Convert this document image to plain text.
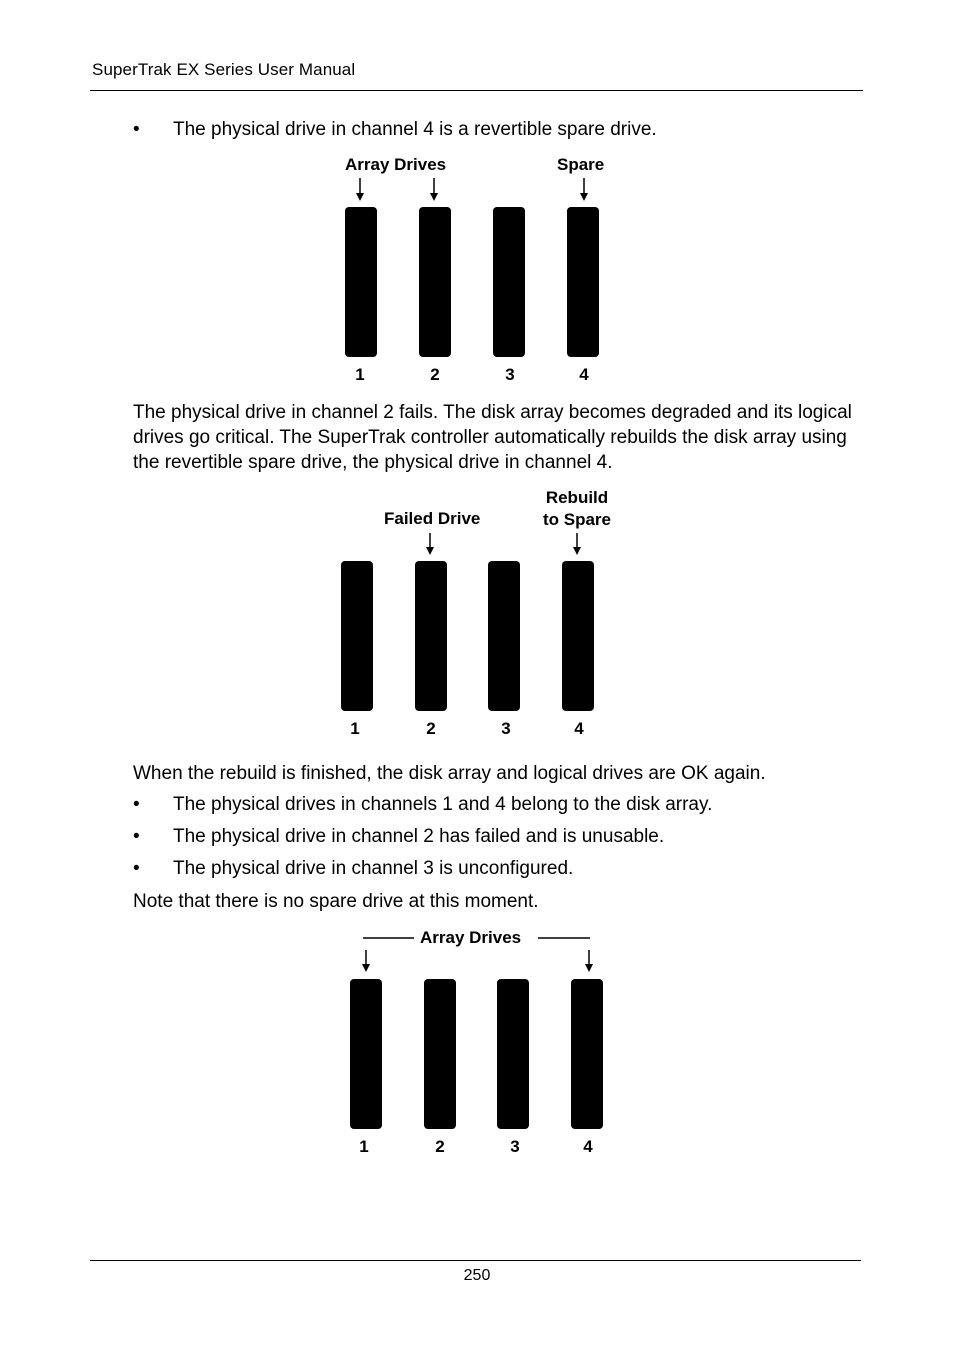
SuperTrak EX Series User Manual
• The physical drive in channel 4 is a revertible spare drive.
Array Drives	Spare
1	2	3	4
The physical drive in channel 2 fails. The disk array becomes degraded and its logical drives go critical. The SuperTrak controller automatically rebuilds the disk array using the revertible spare drive, the physical drive in channel 4.
Failed Drive
Rebuild
to Spare
1	2	3	4
When the rebuild is finished, the disk array and logical drives are OK again.
• The physical drives in channels 1 and 4 belong to the disk array.
• The physical drive in channel 2 has failed and is unusable.
• The physical drive in channel 3 is unconfigured.
Note that there is no spare drive at this moment.
Array Drives
1	2	3	4
250
